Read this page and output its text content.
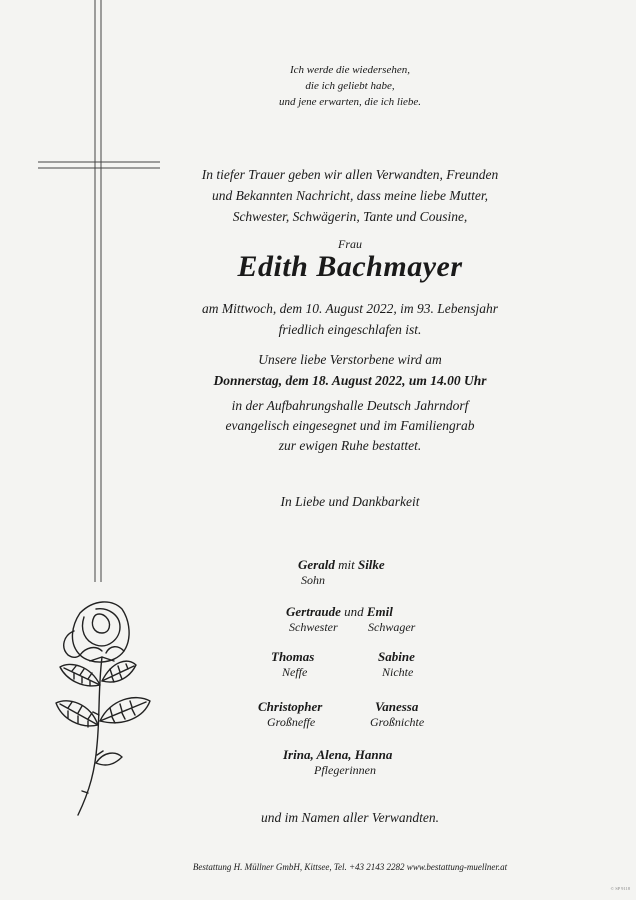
Ich werde die wiedersehen,
die ich geliebt habe,
und jene erwarten, die ich liebe.
In tiefer Trauer geben wir allen Verwandten, Freunden
und Bekannten Nachricht, dass meine liebe Mutter,
Schwester, Schwägerin, Tante und Cousine,
Frau
Edith Bachmayer
am Mittwoch, dem 10. August 2022, im 93. Lebensjahr
friedlich eingeschlafen ist.
Unsere liebe Verstorbene wird am
Donnerstag, dem 18. August 2022, um 14.00 Uhr
in der Aufbahrungshalle Deutsch Jahrndorf
evangelisch eingesegnet und im Familiengrab
zur ewigen Ruhe bestattet.
In Liebe und Dankbarkeit
Gerald mit Silke
Sohn
Gertraude und Emil
Schwester	Schwager
Thomas
Neffe
Sabine
Nichte
Christopher
Großneffe
Vanessa
Großnichte
Irina, Alena, Hanna
Pflegerinnen
und im Namen aller Verwandten.
Bestattung H. Müllner GmbH, Kittsee, Tel. +43 2143 2282 www.bestattung-muellner.at
© SP 9118
